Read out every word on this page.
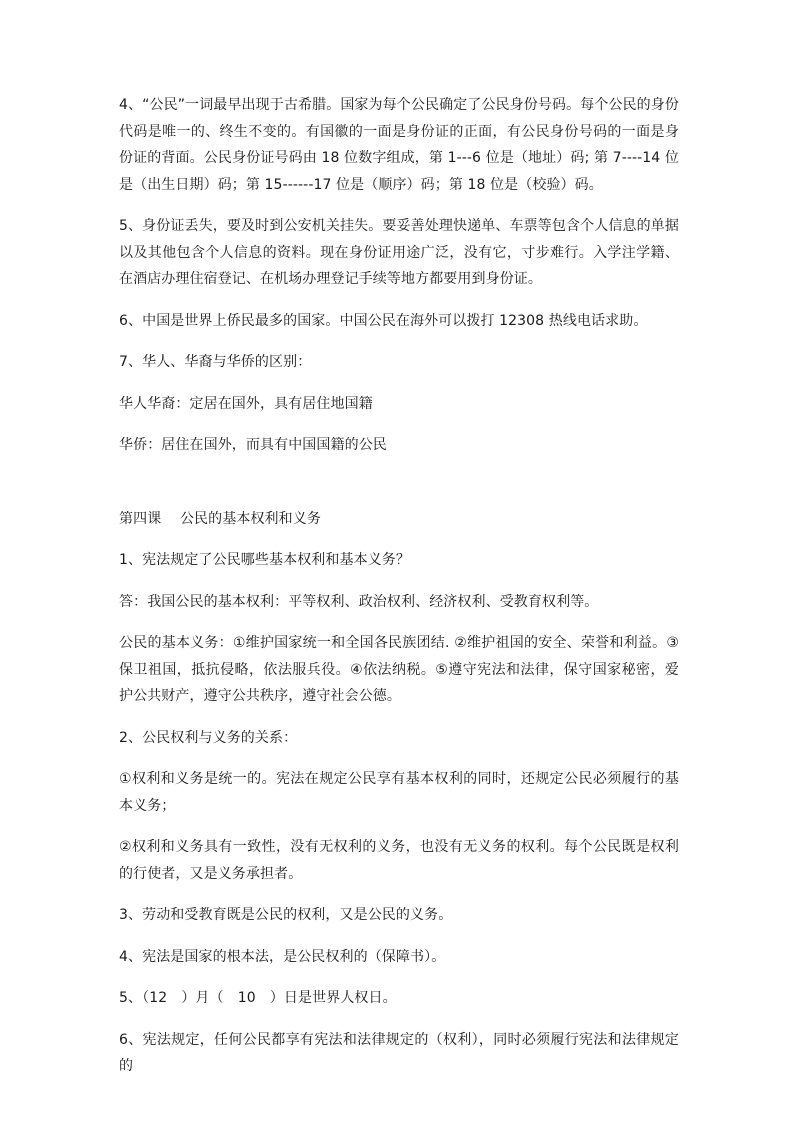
4、“公民”一词最早出现于古希腊。国家为每个公民确定了公民身份号码。每个公民的身份代码是唯一的、终生不变的。有国徽的一面是身份证的正面，有公民身份号码的一面是身份证的背面。公民身份证号码由 18 位数字组成，第 1---6 位是（地址）码; 第 7----14 位是（出生日期）码；第 15------17 位是（顺序）码；第 18 位是（校验）码。

5、身份证丢失，要及时到公安机关挂失。要妥善处理快递单、车票等包含个人信息的单据以及其他包含个人信息的资料。现在身份证用途广泛，没有它，寸步难行。入学注学籍、在酒店办理住宿登记、在机场办理登记手续等地方都要用到身份证。

6、中国是世界上侨民最多的国家。中国公民在海外可以拨打 12308 热线电话求助。

7、华人、华裔与华侨的区别：

华人华裔：定居在国外，具有居住地国籍

华侨：居住在国外，而具有中国国籍的公民

第四课　 公民的基本权利和义务

1、宪法规定了公民哪些基本权利和基本义务？

答：我国公民的基本权利：平等权利、政治权利、经济权利、受教育权利等。

公民的基本义务：①维护国家统一和全国各民族团结. ②维护祖国的安全、荣誉和利益。③保卫祖国，抵抗侵略，依法服兵役。④依法纳税。⑤遵守宪法和法律，保守国家秘密，爱护公共财产，遵守公共秩序，遵守社会公德。

2、公民权利与义务的关系：

①权利和义务是统一的。宪法在规定公民享有基本权利的同时，还规定公民必须履行的基本义务；

②权利和义务具有一致性，没有无权利的义务，也没有无义务的权利。每个公民既是权利的行使者，又是义务承担者。

3、劳动和受教育既是公民的权利，又是公民的义务。

4、宪法是国家的根本法，是公民权利的（保障书）。

5、（12　）月（　10　）日是世界人权日。

6、宪法规定，任何公民都享有宪法和法律规定的（权利），同时必须履行宪法和法律规定的
